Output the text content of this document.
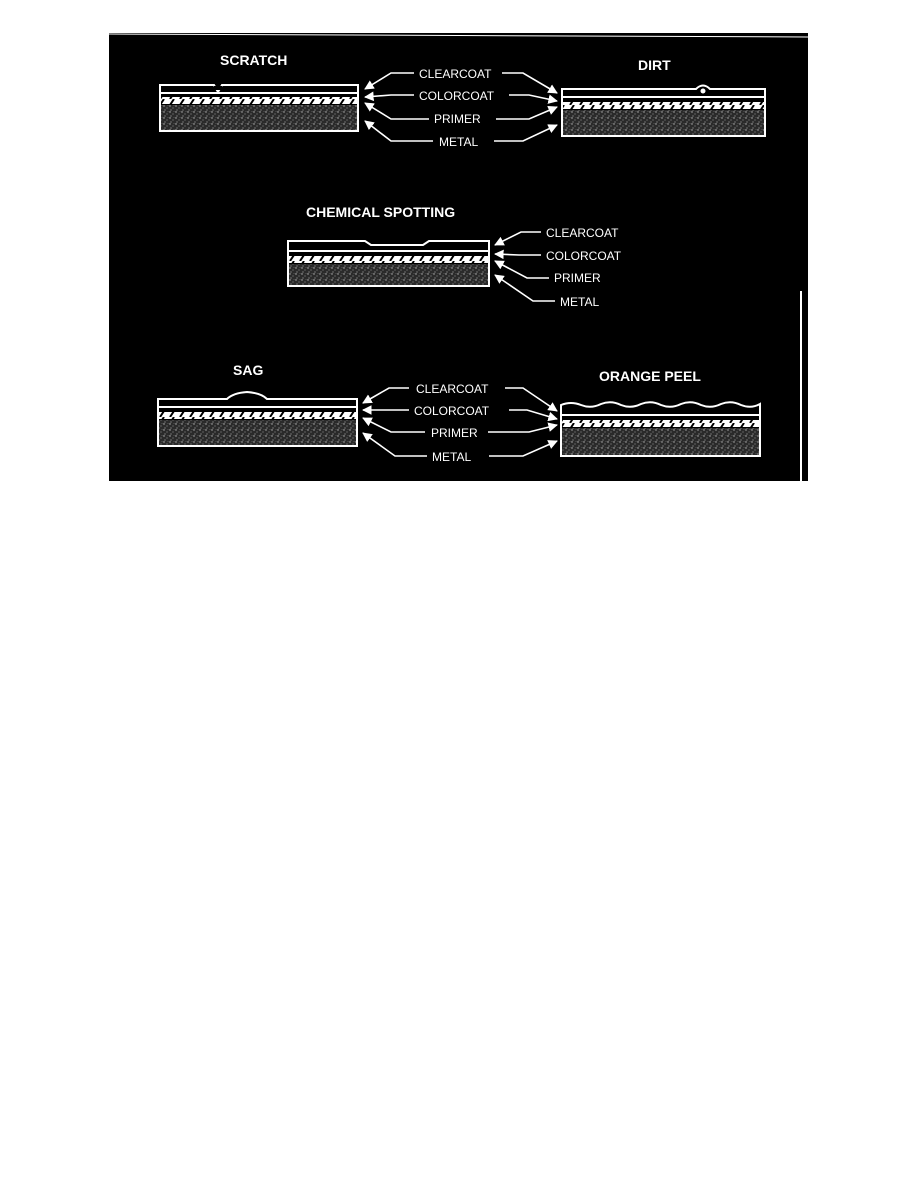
SCRATCH	DIRT
CLEARCOAT
COLORCOAT
PRIMER
METAL
CHEMICAL SPOTTING
CLEARCOAT
COLORCOAT
PRIMER
METAL
SAG	ORANGE PEEL
CLEARCOAT
COLORCOAT
PRIMER
METAL
